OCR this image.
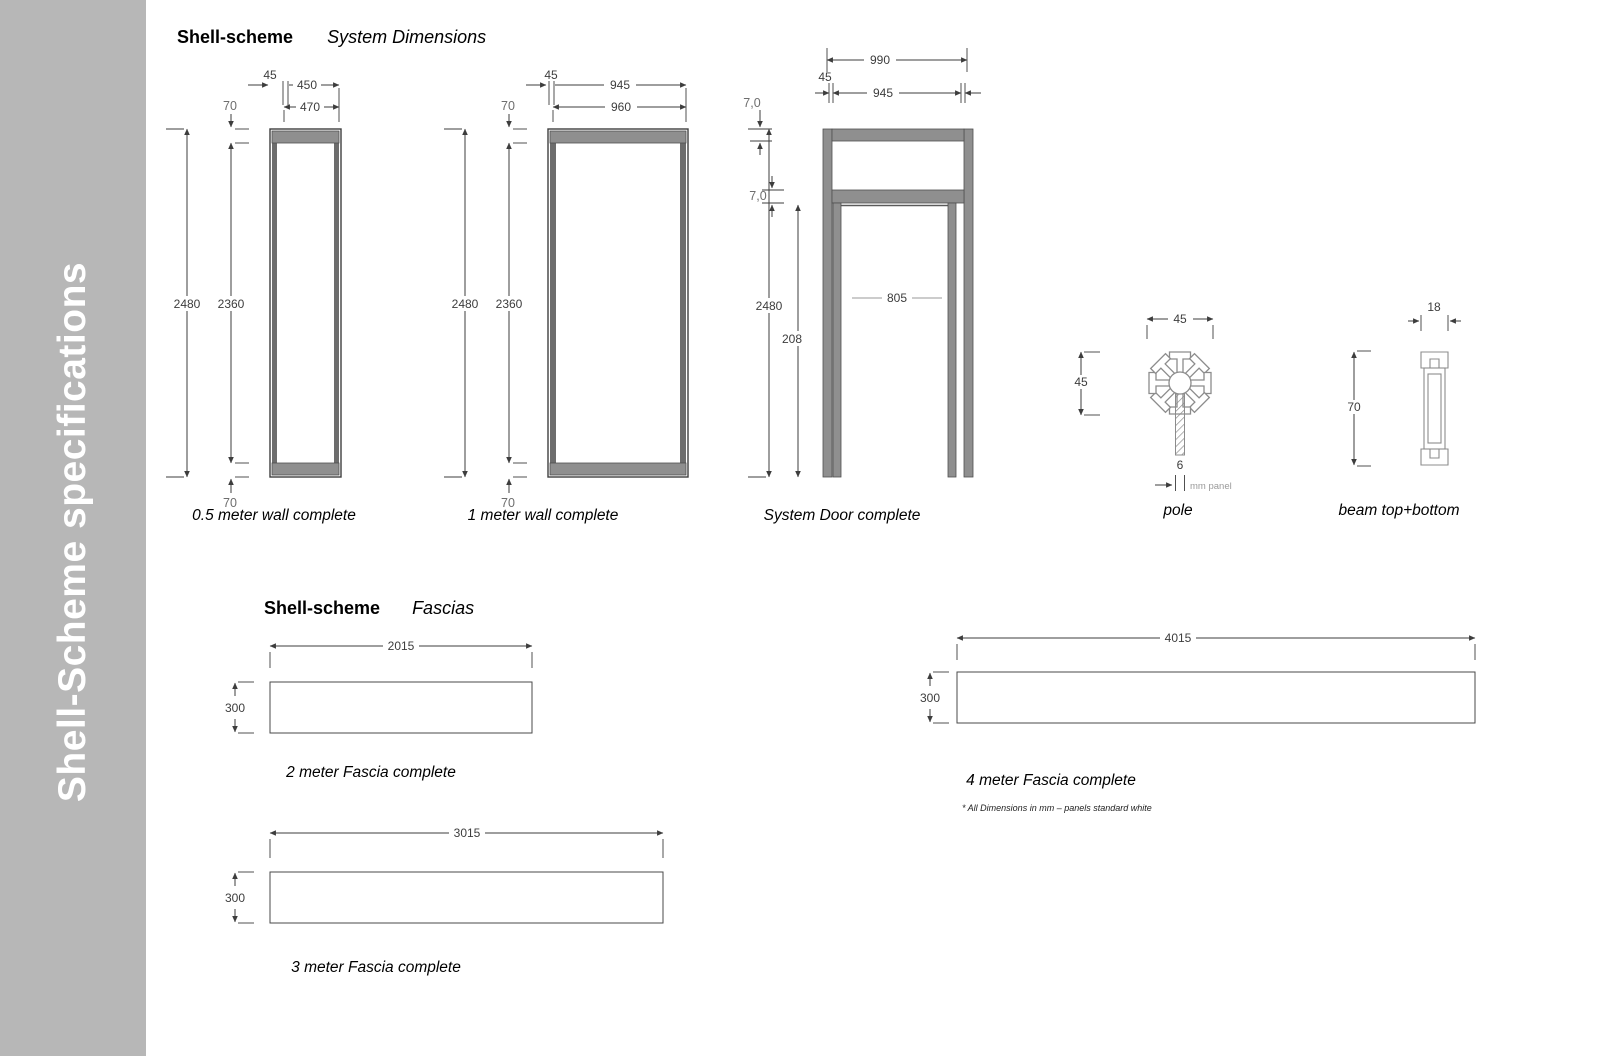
Shell-Scheme specifications
Shell-scheme System Dimensions
45
450
470
70
2480 2360
70
0.5 meter wall complete
45
945
960
70
2480 2360
70
1 meter wall complete
990
45
945
7,0
7,0
2480
208
805
System Door complete
45
45
6
mm panel
pole
18
70
beam top+bottom
Shell-scheme Fascias
2015
300
2 meter Fascia complete
3015
300
3 meter Fascia complete
4015
300
4 meter Fascia complete
* All Dimensions in mm – panels standard white
